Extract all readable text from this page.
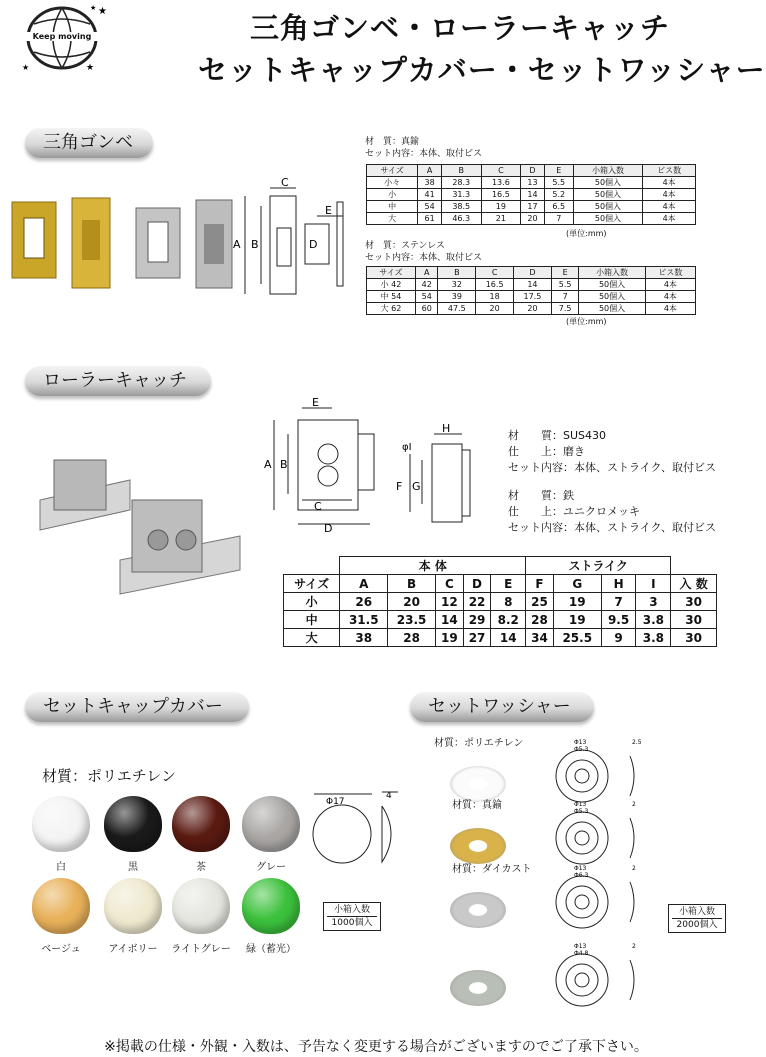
★
★
★	★
Keep moving	三角ゴンベ・ローラーキャッチ
セットキャップカバー・セットワッシャー
三角ゴンベ
A B
C
D
E
材　質：真鍮
セット内容：本体、取付ビス
サイズ	A	B	C	D	E	小箱入数	ビス数
小々	38	28.3	13.6	13	5.5	50個入	4本
小	41	31.3	16.5	14	5.2	50個入	4本
中	54	38.5	19	17	6.5	50個入	4本
大	61	46.3	21	20	7	50個入	4本
(単位:mm)
材　質：ステンレス
セット内容：本体、取付ビス
サイズ	A	B	C	D	E	小箱入数	ビス数
小 42	42	32	16.5	14	5.5	50個入	4本
中 54	54	39	18	17.5	7	50個入	4本
大 62	60	47.5	20	20	7.5	50個入	4本
(単位:mm)
ローラーキャッチ
A B
E
C
D
φI
H
F G
材　　質：SUS430
仕　　上：磨き
セット内容：本体、ストライク、取付ビス
材　　質：鉄
仕　　上：ユニクロメッキ
セット内容：本体、ストライク、取付ビス
	本 体					ストライク				
サイズ	A	B	C	D	E	F	G	H	I	入 数
小	26	20	12	22	8	25	19	7	3	30
中	31.5	23.5	14	29	8.2	28	19	9.5	3.8	30
大	38	28	19	27	14	34	25.5	9	3.8	30
セットキャップカバー
材質：ポリエチレン
白	黒	茶	グレー
ベージュ	アイボリー	ライトグレー	緑（蓄光）
Φ17
4
小箱入数
1000個入
セットワッシャー
材質：ポリエチレン	Φ13
Φ5.3
2.5
材質：真鍮	Φ13
Φ5.3
2
材質：ダイカスト	Φ13
Φ6.3
2
Φ13
Φ4.8
2
小箱入数
2000個入
※掲載の仕様・外観・入数は、予告なく変更する場合がございますのでご了承下さい。
